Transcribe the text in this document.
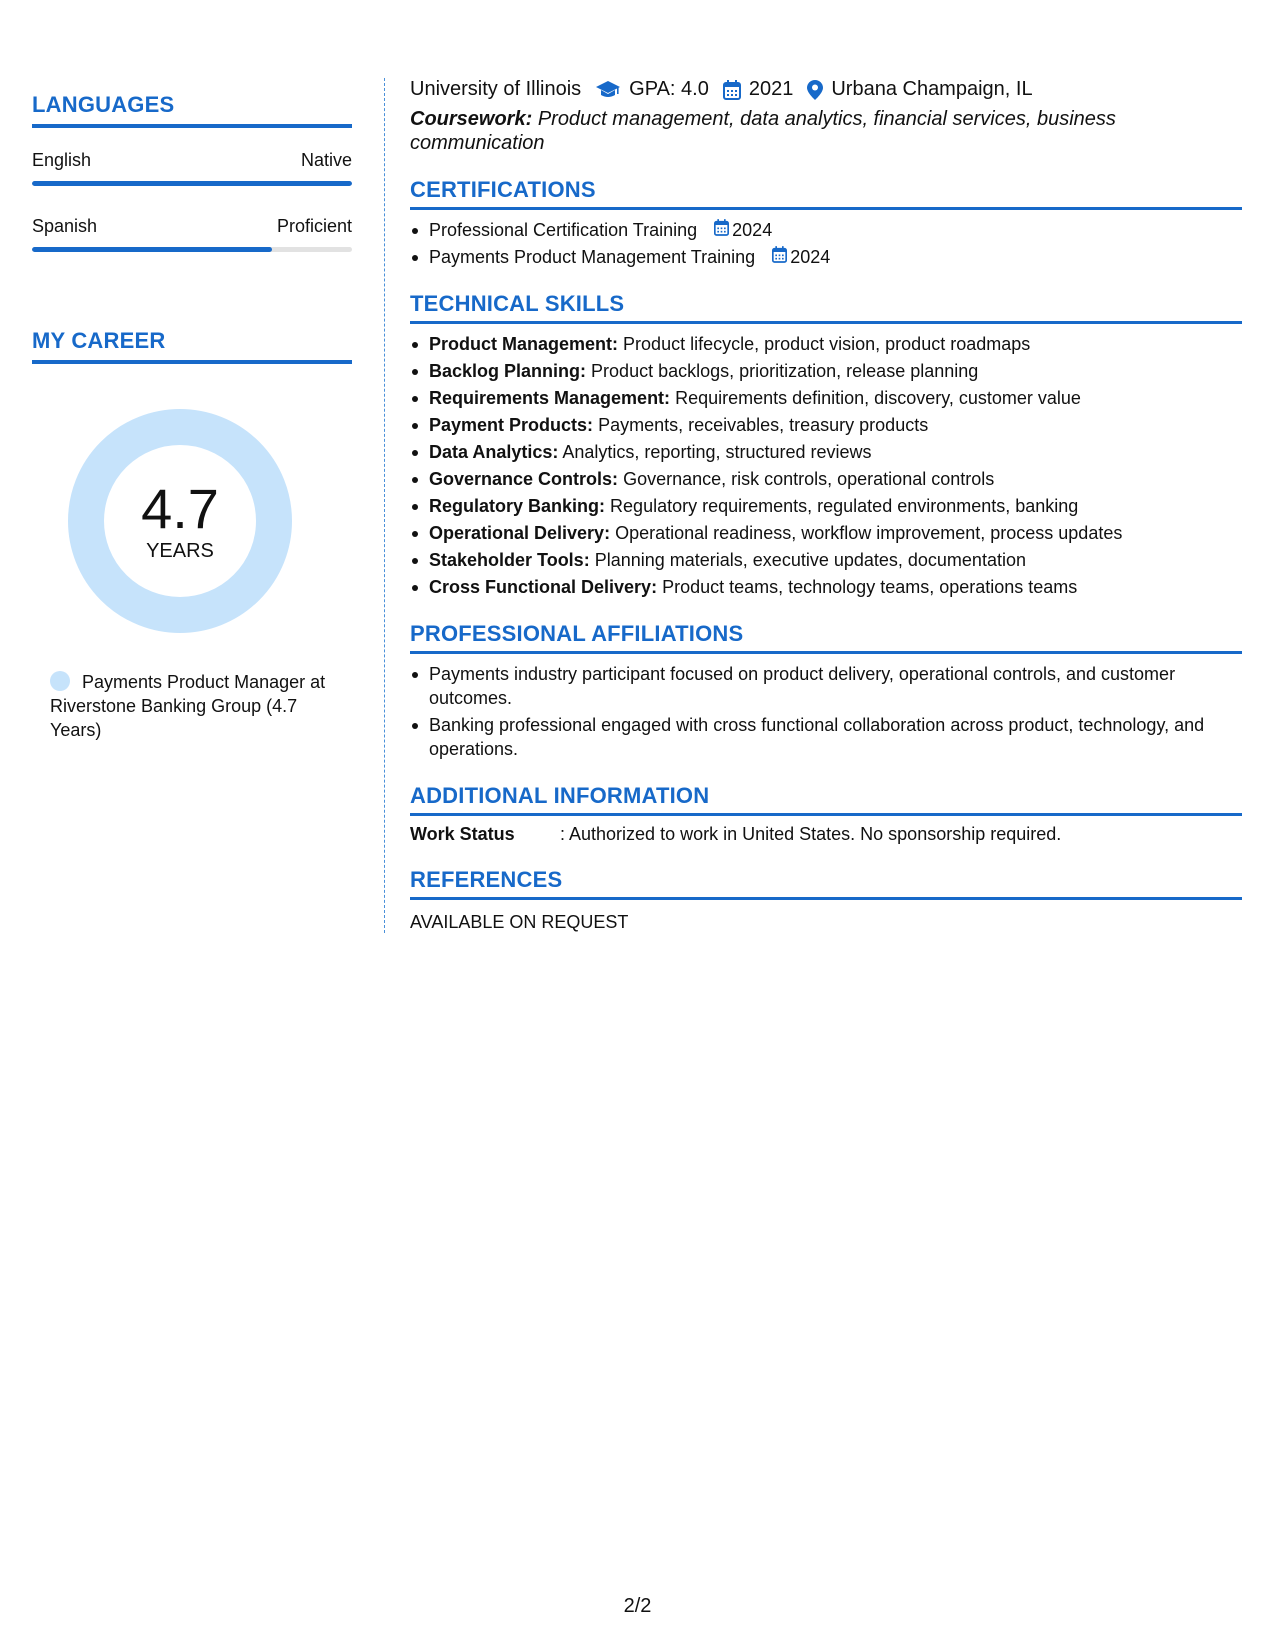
LANGUAGES
English	Native
Spanish	Proficient
MY CAREER
4.7
YEARS
Payments Product Manager at Riverstone Banking Group (4.7 Years)
University of Illinois GPA: 4.0 2021 Urbana Champaign, IL
Coursework: Product management, data analytics, financial services, business communication
CERTIFICATIONS
Professional Certification Training 2024
Payments Product Management Training 2024
TECHNICAL SKILLS
Product Management: Product lifecycle, product vision, product roadmaps
Backlog Planning: Product backlogs, prioritization, release planning
Requirements Management: Requirements definition, discovery, customer value
Payment Products: Payments, receivables, treasury products
Data Analytics: Analytics, reporting, structured reviews
Governance Controls: Governance, risk controls, operational controls
Regulatory Banking: Regulatory requirements, regulated environments, banking
Operational Delivery: Operational readiness, workflow improvement, process updates
Stakeholder Tools: Planning materials, executive updates, documentation
Cross Functional Delivery: Product teams, technology teams, operations teams
PROFESSIONAL AFFILIATIONS
Payments industry participant focused on product delivery, operational controls, and customer outcomes.
Banking professional engaged with cross functional collaboration across product, technology, and operations.
ADDITIONAL INFORMATION
Work Status	: Authorized to work in United States. No sponsorship required.
REFERENCES
AVAILABLE ON REQUEST
2/2
